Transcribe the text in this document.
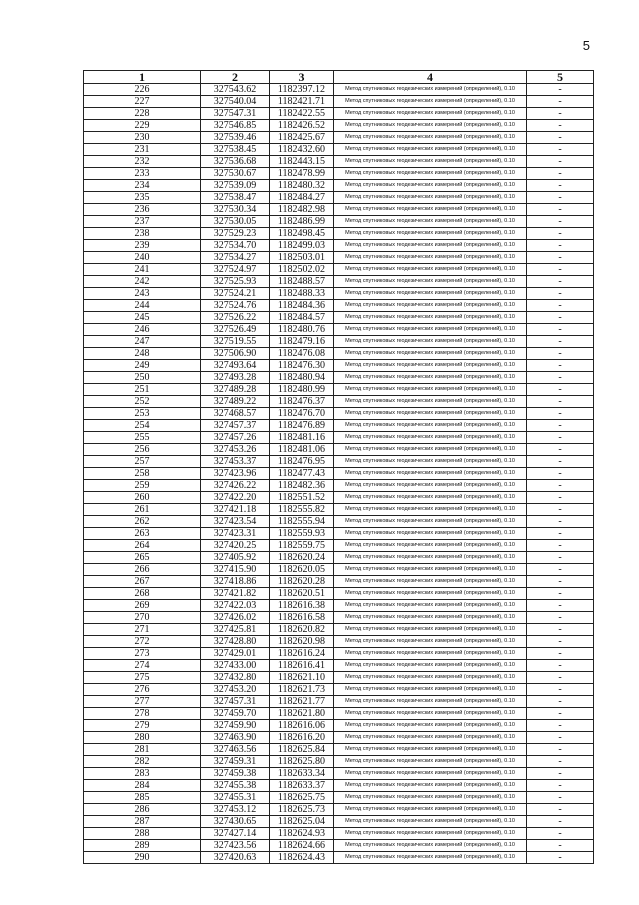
5
1	2	3	4	5
226	327543.62	1182397.12	Метод спутниковых геодезических измерений (определений), 0.10	-
227	327540.04	1182421.71	Метод спутниковых геодезических измерений (определений), 0.10	-
228	327547.31	1182422.55	Метод спутниковых геодезических измерений (определений), 0.10	-
229	327546.85	1182426.52	Метод спутниковых геодезических измерений (определений), 0.10	-
230	327539.46	1182425.67	Метод спутниковых геодезических измерений (определений), 0.10	-
231	327538.45	1182432.60	Метод спутниковых геодезических измерений (определений), 0.10	-
232	327536.68	1182443.15	Метод спутниковых геодезических измерений (определений), 0.10	-
233	327530.67	1182478.99	Метод спутниковых геодезических измерений (определений), 0.10	-
234	327539.09	1182480.32	Метод спутниковых геодезических измерений (определений), 0.10	-
235	327538.47	1182484.27	Метод спутниковых геодезических измерений (определений), 0.10	-
236	327530.34	1182482.98	Метод спутниковых геодезических измерений (определений), 0.10	-
237	327530.05	1182486.99	Метод спутниковых геодезических измерений (определений), 0.10	-
238	327529.23	1182498.45	Метод спутниковых геодезических измерений (определений), 0.10	-
239	327534.70	1182499.03	Метод спутниковых геодезических измерений (определений), 0.10	-
240	327534.27	1182503.01	Метод спутниковых геодезических измерений (определений), 0.10	-
241	327524.97	1182502.02	Метод спутниковых геодезических измерений (определений), 0.10	-
242	327525.93	1182488.57	Метод спутниковых геодезических измерений (определений), 0.10	-
243	327524.21	1182488.33	Метод спутниковых геодезических измерений (определений), 0.10	-
244	327524.76	1182484.36	Метод спутниковых геодезических измерений (определений), 0.10	-
245	327526.22	1182484.57	Метод спутниковых геодезических измерений (определений), 0.10	-
246	327526.49	1182480.76	Метод спутниковых геодезических измерений (определений), 0.10	-
247	327519.55	1182479.16	Метод спутниковых геодезических измерений (определений), 0.10	-
248	327506.90	1182476.08	Метод спутниковых геодезических измерений (определений), 0.10	-
249	327493.64	1182476.30	Метод спутниковых геодезических измерений (определений), 0.10	-
250	327493.28	1182480.94	Метод спутниковых геодезических измерений (определений), 0.10	-
251	327489.28	1182480.99	Метод спутниковых геодезических измерений (определений), 0.10	-
252	327489.22	1182476.37	Метод спутниковых геодезических измерений (определений), 0.10	-
253	327468.57	1182476.70	Метод спутниковых геодезических измерений (определений), 0.10	-
254	327457.37	1182476.89	Метод спутниковых геодезических измерений (определений), 0.10	-
255	327457.26	1182481.16	Метод спутниковых геодезических измерений (определений), 0.10	-
256	327453.26	1182481.06	Метод спутниковых геодезических измерений (определений), 0.10	-
257	327453.37	1182476.95	Метод спутниковых геодезических измерений (определений), 0.10	-
258	327423.96	1182477.43	Метод спутниковых геодезических измерений (определений), 0.10	-
259	327426.22	1182482.36	Метод спутниковых геодезических измерений (определений), 0.10	-
260	327422.20	1182551.52	Метод спутниковых геодезических измерений (определений), 0.10	-
261	327421.18	1182555.82	Метод спутниковых геодезических измерений (определений), 0.10	-
262	327423.54	1182555.94	Метод спутниковых геодезических измерений (определений), 0.10	-
263	327423.31	1182559.93	Метод спутниковых геодезических измерений (определений), 0.10	-
264	327420.25	1182559.75	Метод спутниковых геодезических измерений (определений), 0.10	-
265	327405.92	1182620.24	Метод спутниковых геодезических измерений (определений), 0.10	-
266	327415.90	1182620.05	Метод спутниковых геодезических измерений (определений), 0.10	-
267	327418.86	1182620.28	Метод спутниковых геодезических измерений (определений), 0.10	-
268	327421.82	1182620.51	Метод спутниковых геодезических измерений (определений), 0.10	-
269	327422.03	1182616.38	Метод спутниковых геодезических измерений (определений), 0.10	-
270	327426.02	1182616.58	Метод спутниковых геодезических измерений (определений), 0.10	-
271	327425.81	1182620.82	Метод спутниковых геодезических измерений (определений), 0.10	-
272	327428.80	1182620.98	Метод спутниковых геодезических измерений (определений), 0.10	-
273	327429.01	1182616.24	Метод спутниковых геодезических измерений (определений), 0.10	-
274	327433.00	1182616.41	Метод спутниковых геодезических измерений (определений), 0.10	-
275	327432.80	1182621.10	Метод спутниковых геодезических измерений (определений), 0.10	-
276	327453.20	1182621.73	Метод спутниковых геодезических измерений (определений), 0.10	-
277	327457.31	1182621.77	Метод спутниковых геодезических измерений (определений), 0.10	-
278	327459.70	1182621.80	Метод спутниковых геодезических измерений (определений), 0.10	-
279	327459.90	1182616.06	Метод спутниковых геодезических измерений (определений), 0.10	-
280	327463.90	1182616.20	Метод спутниковых геодезических измерений (определений), 0.10	-
281	327463.56	1182625.84	Метод спутниковых геодезических измерений (определений), 0.10	-
282	327459.31	1182625.80	Метод спутниковых геодезических измерений (определений), 0.10	-
283	327459.38	1182633.34	Метод спутниковых геодезических измерений (определений), 0.10	-
284	327455.38	1182633.37	Метод спутниковых геодезических измерений (определений), 0.10	-
285	327455.31	1182625.75	Метод спутниковых геодезических измерений (определений), 0.10	-
286	327453.12	1182625.73	Метод спутниковых геодезических измерений (определений), 0.10	-
287	327430.65	1182625.04	Метод спутниковых геодезических измерений (определений), 0.10	-
288	327427.14	1182624.93	Метод спутниковых геодезических измерений (определений), 0.10	-
289	327423.56	1182624.66	Метод спутниковых геодезических измерений (определений), 0.10	-
290	327420.63	1182624.43	Метод спутниковых геодезических измерений (определений), 0.10	-
